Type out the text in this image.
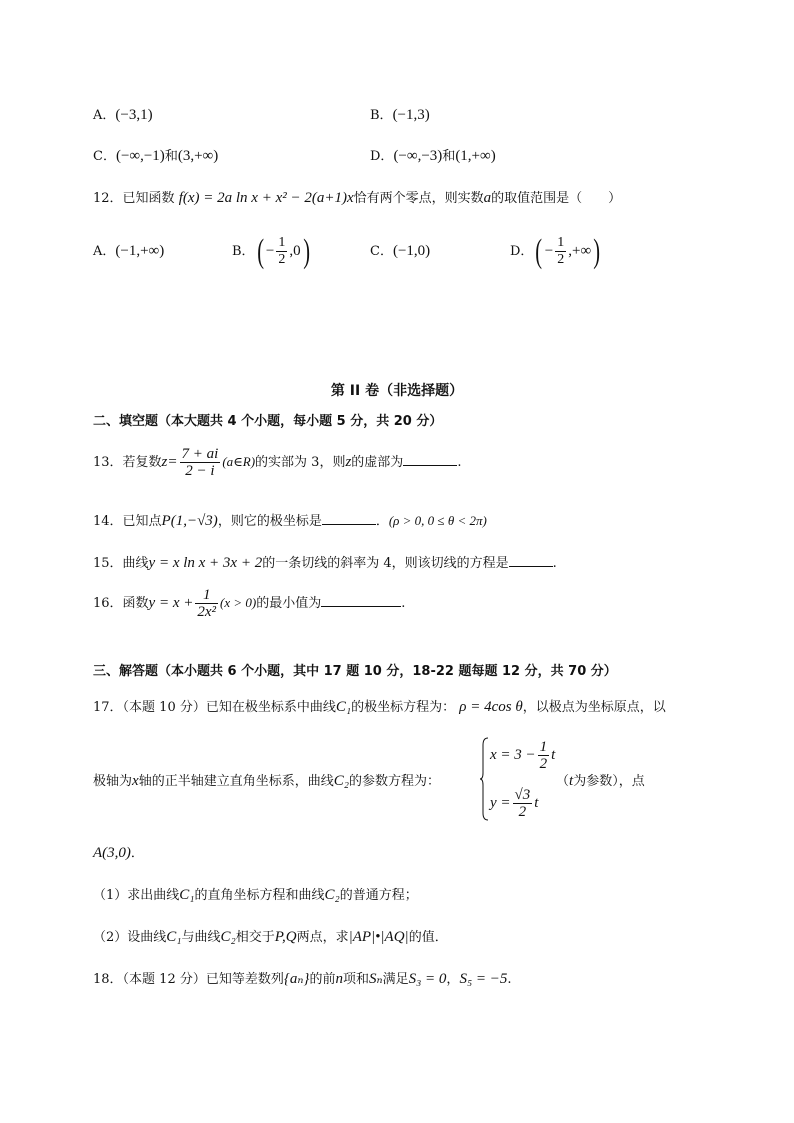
A．(−3,1)	B．(−1,3)
C．(−∞,−1)和(3,+∞)	D．(−∞,−3)和(1,+∞)
12．已知函数 f(x) = 2a ln x + x² − 2(a+1)x恰有两个零点，则实数a的取值范围是（　　）
A．(−1,+∞)	B．( − $\frac{1}{2} ,0$)	C．(−1,0)	D．( − $\frac{1}{2}$ ,+∞)
第 II 卷（非选择题）
二、填空题（本大题共 4 个小题，每小题 5 分，共 20 分）
13．若复数$z= \frac{7 + ai}{2 - i}$ (a∈R)的实部为 3，则z的虚部为	.
14．已知点P(1,−√3)，则它的极坐标是	．(ρ > 0, 0 ≤ θ < 2π)
15．曲线y = x ln x + 3x + 2的一条切线的斜率为 4，则该切线的方程是	.
16．函数$y = x + \frac{1}{\text{2x²}} (x > 0)$的最小值为	.
三、解答题（本小题共 6 个小题，其中 17 题 10 分，18-22 题每题 12 分，共 70 分）
17．（本题 10 分）已知在极坐标系中曲线C₁的极坐标方程为： ρ = 4cos θ，以极点为坐标原点，以
极轴为x轴的正半轴建立直角坐标系，曲线C₂的参数方程为：
$x = 3 - \frac{1}{2}$ t
$y = \frac{√3}{2}$ t
（t为参数），点
A(3,0)．
（1）求出曲线C₁的直角坐标方程和曲线C₂的普通方程；
（2）设曲线C₁与曲线C₂相交于P,Q两点，求|AP|•|AQ|的值．
18．（本题 12 分）已知等差数列{aₙ}的前n项和Sₙ满足S₃ = 0，S₅ = −5.
